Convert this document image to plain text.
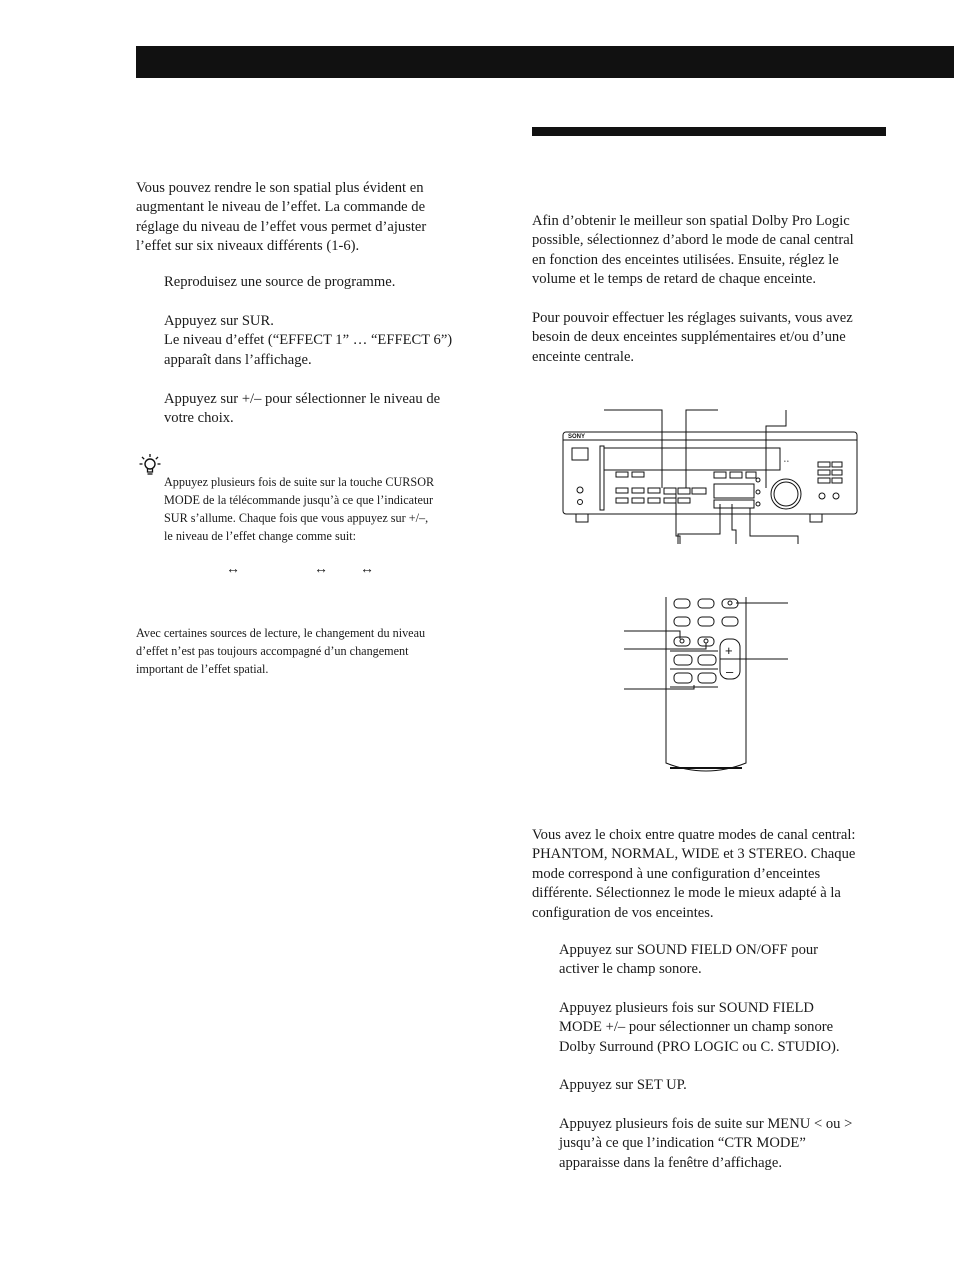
Vous pouvez rendre le son spatial plus évident en
augmentant le niveau de l’effet. La commande de
réglage du niveau de l’effet vous permet d’ajuster
l’effet sur six niveaux différents (1-6).
Reproduisez une source de programme.
Appuyez sur SUR.
Le niveau d’effet (“EFFECT 1” … “EFFECT 6”)
apparaît dans l’affichage.
Appuyez sur +/– pour sélectionner le niveau de
votre choix.
Appuyez plusieurs fois de suite sur la touche CURSOR
MODE de la télécommande jusqu’à ce que l’indicateur
SUR s’allume. Chaque fois que vous appuyez sur +/–,
le niveau de l’effet change comme suit:
↔	↔ ↔
Avec certaines sources de lecture, le changement du niveau
d’effet n’est pas toujours accompagné d’un changement
important de l’effet spatial.
Afin d’obtenir le meilleur son spatial Dolby Pro Logic
possible, sélectionnez d’abord le mode de canal central
en fonction des enceintes utilisées. Ensuite, réglez le
volume et le temps de retard de chaque enceinte.
Pour pouvoir effectuer les réglages suivants, vous avez
besoin de deux enceintes supplémentaires et/ou d’une
enceinte centrale.
• •
SONY
+
–
Vous avez le choix entre quatre modes de canal central:
PHANTOM, NORMAL, WIDE et 3 STEREO. Chaque
mode correspond à une configuration d’enceintes
différente. Sélectionnez le mode le mieux adapté à la
configuration de vos enceintes.
Appuyez sur SOUND FIELD ON/OFF pour
activer le champ sonore.
Appuyez plusieurs fois sur SOUND FIELD
MODE +/– pour sélectionner un champ sonore
Dolby Surround (PRO LOGIC ou C. STUDIO).
Appuyez sur SET UP.
Appuyez plusieurs fois de suite sur MENU < ou >
jusqu’à ce que l’indication “CTR MODE”
apparaisse dans la fenêtre d’affichage.
